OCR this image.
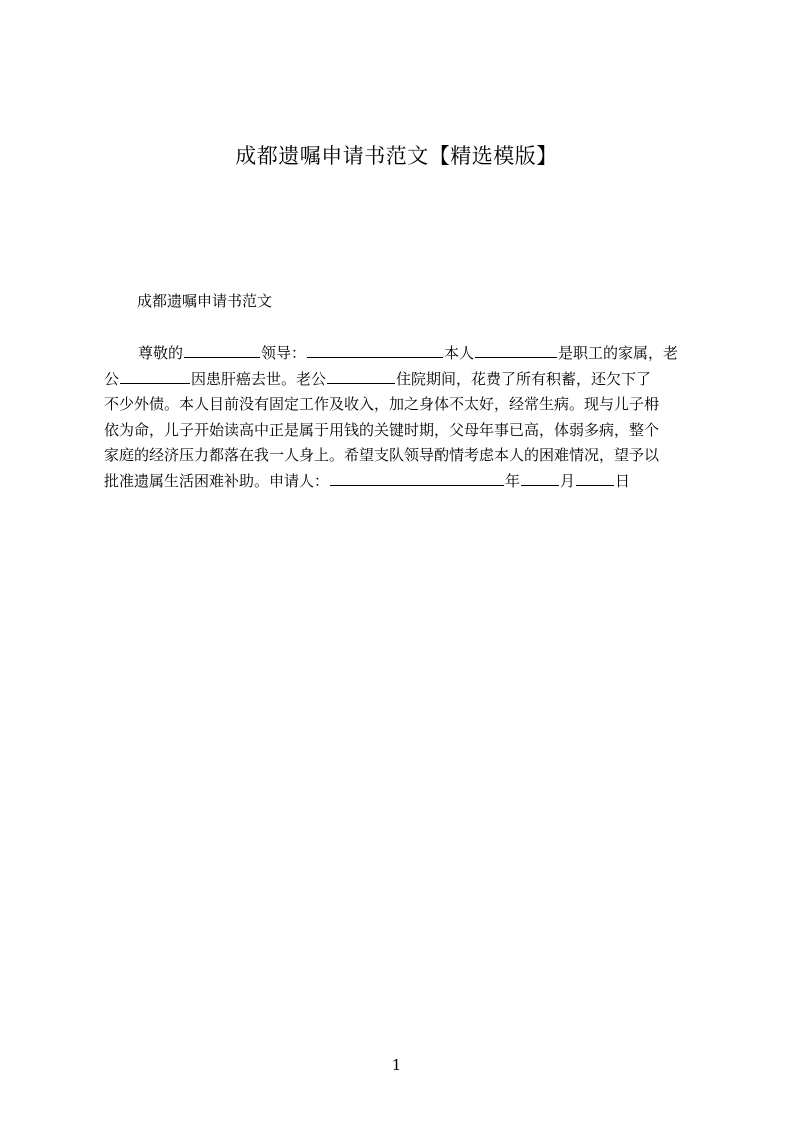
成都遗嘱申请书范文【精选模版】
成都遗嘱申请书范文
尊敬的	领导：	本人	是职工的家属，老
公	因患肝癌去世。老公	住院期间，花费了所有积蓄，还欠下了
不少外债。本人目前没有固定工作及收入，加之身体不太好，经常生病。现与儿子枏
依为命，儿子开始读高中正是属于用钱的关键时期，父母年事已高，体弱多病，整个
家庭的经济压力都落在我一人身上。希望支队领导酌情考虑本人的困难情况，望予以
批准遗属生活困难补助。申请人：	年	月	日
1
